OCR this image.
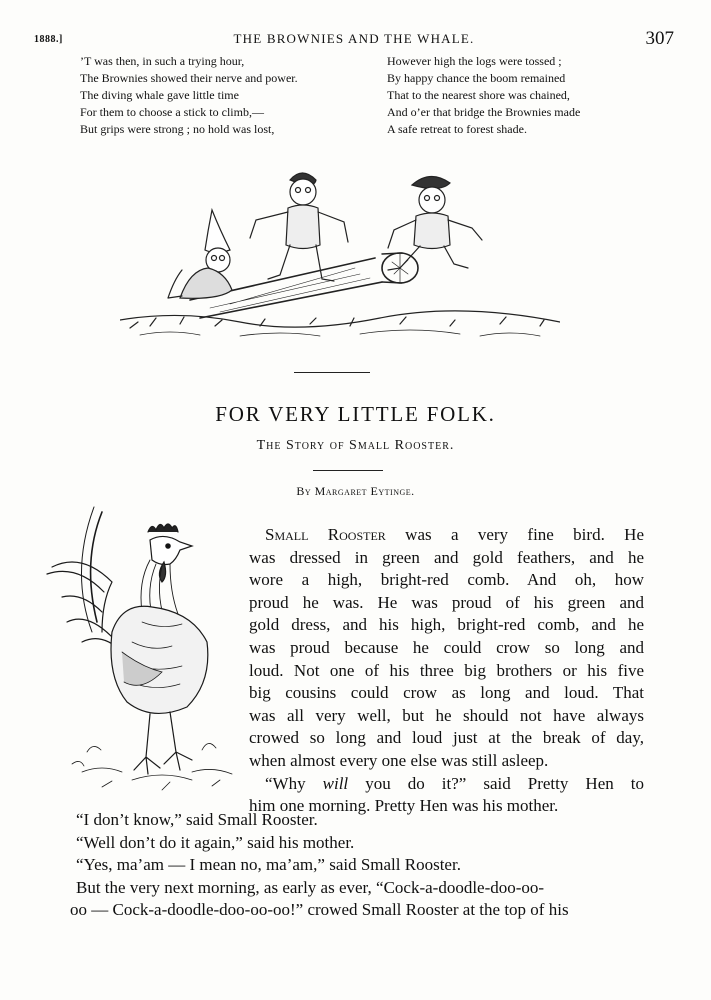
1888.]	THE BROWNIES AND THE WHALE.	307
’T was then, in such a trying hour,
The Brownies showed their nerve and power.
The diving whale gave little time
For them to choose a stick to climb,—
But grips were strong ; no hold was lost,
However high the logs were tossed ;
By happy chance the boom remained
That to the nearest shore was chained,
And o’er that bridge the Brownies made
A safe retreat to forest shade.
FOR VERY LITTLE FOLK.
The Story of Small Rooster.
By Margaret Eytinge.
Small Rooster was a very fine bird. He
was dressed in green and gold feathers, and he
wore a high, bright-red comb. And oh, how
proud he was. He was proud of his green and
gold dress, and his high, bright-red comb, and he
was proud because he could crow so long and
loud. Not one of his three big brothers or his five
big cousins could crow as long and loud. That
was all very well, but he should not have always
crowed so long and loud just at the break of day,
when almost every one else was still asleep.
“Why will you do it?” said Pretty Hen to
him one morning. Pretty Hen was his mother.
“I don’t know,” said Small Rooster.
“Well don’t do it again,” said his mother.
“Yes, ma’am — I mean no, ma’am,” said Small Rooster.
But the very next morning, as early as ever, “Cock-a-doodle-doo-oo-
oo — Cock-a-doodle-doo-oo-oo!” crowed Small Rooster at the top of his
